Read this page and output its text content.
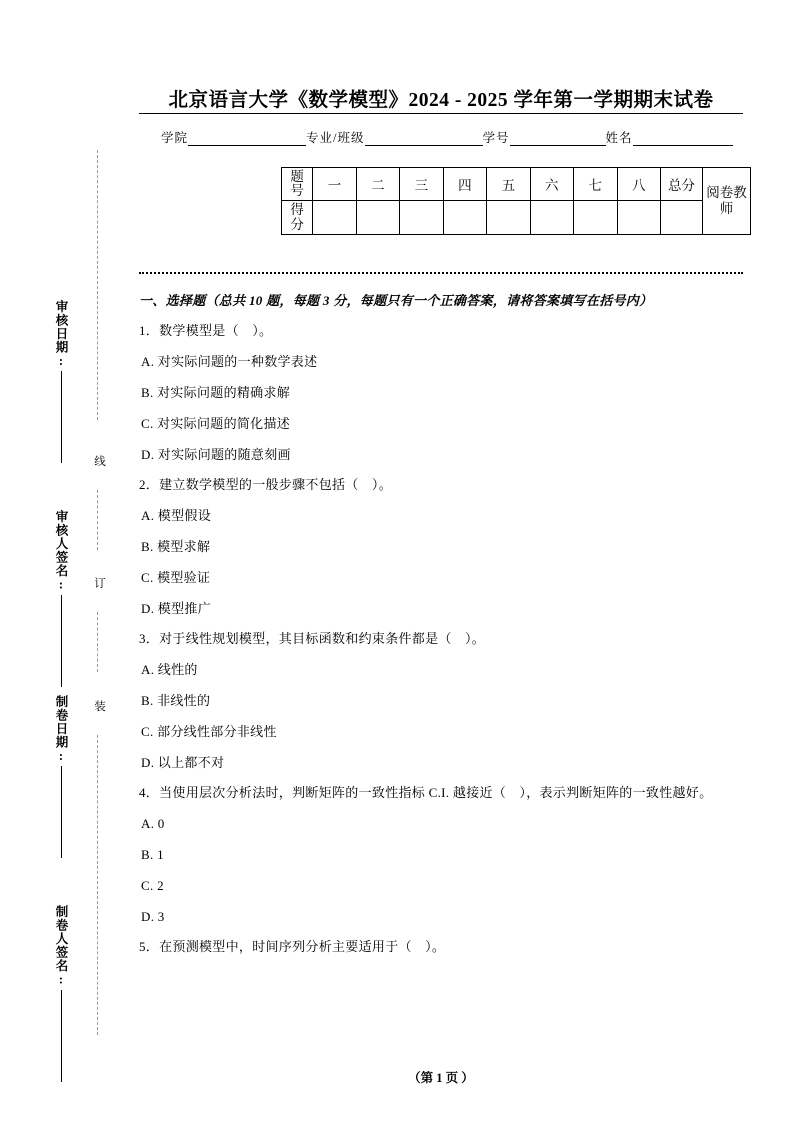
线
订
装
审核日期:
审核人签名:
制卷日期:
制卷人签名:
北京语言大学《数学模型》2024 - 2025 学年第一学期期末试卷
学院	专业/班级	学号	姓名
题号	一	二	三	四	五	六	七	八	总分	阅卷教师
得分										
一、选择题（总共 10 题，每题 3 分，每题只有一个正确答案，请将答案填写在括号内）
1．数学模型是（　）。
A. 对实际问题的一种数学表述
B. 对实际问题的精确求解
C. 对实际问题的简化描述
D. 对实际问题的随意刻画
2．建立数学模型的一般步骤不包括（　）。
A. 模型假设
B. 模型求解
C. 模型验证
D. 模型推广
3．对于线性规划模型，其目标函数和约束条件都是（　）。
A. 线性的
B. 非线性的
C. 部分线性部分非线性
D. 以上都不对
4．当使用层次分析法时，判断矩阵的一致性指标 C.I. 越接近（　），表示判断矩阵的一致性越好。
A. 0
B. 1
C. 2
D. 3
5．在预测模型中，时间序列分析主要适用于（　）。
（第 1 页 ）
